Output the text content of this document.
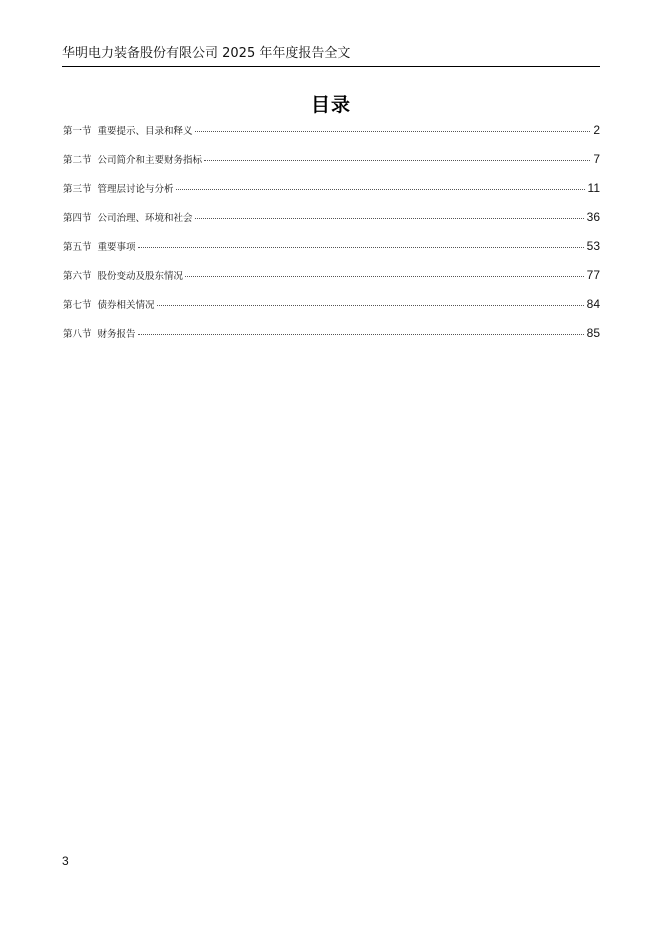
华明电力装备股份有限公司 2025 年年度报告全文
目录
第一节 重要提示、目录和释义	2
第二节 公司简介和主要财务指标	7
第三节 管理层讨论与分析	11
第四节 公司治理、环境和社会	36
第五节 重要事项	53
第六节 股份变动及股东情况	77
第七节 债券相关情况	84
第八节 财务报告	85
3
